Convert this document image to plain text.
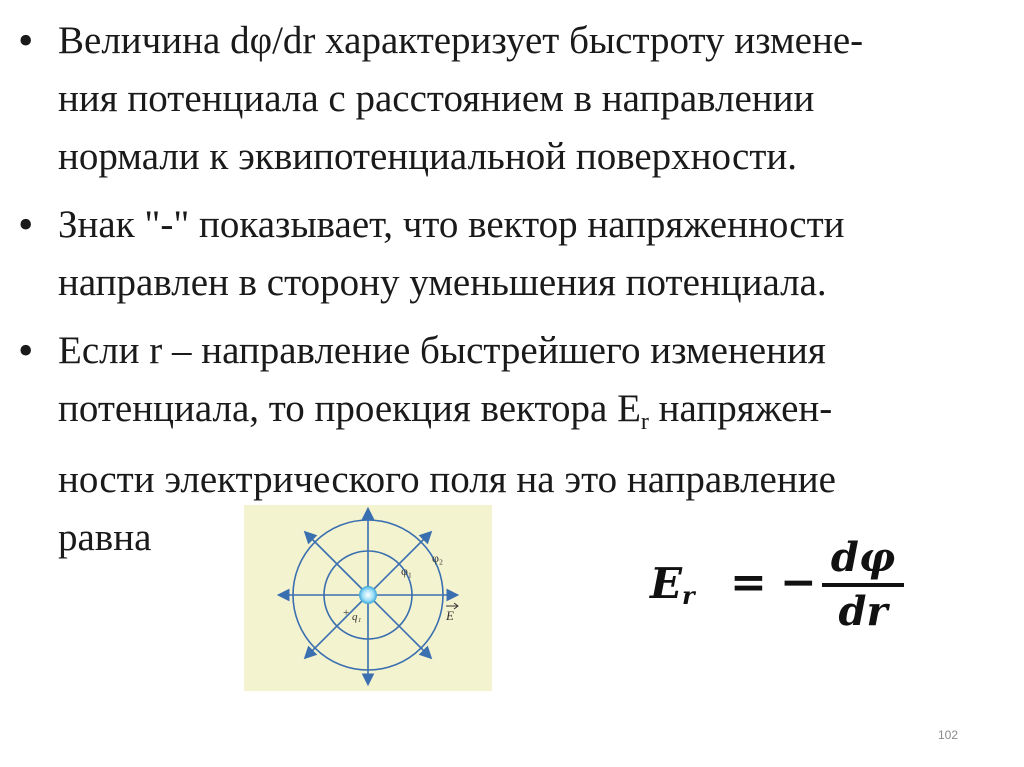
• Величина dφ/dr характеризует быстроту измене-
ния потенциала с расстоянием в направлении
нормали к эквипотенциальной поверхности.
• Знак "-" показывает, что вектор напряженности
направлен в сторону уменьшения потенциала.
• Если r – направление быстрейшего изменения
потенциала, то проекция вектора $E_r$ напряжен-
ности электрического поля на это направление
равна	φ₂
φ₁
+ q₁	E
Er = − dφ
dr
102
